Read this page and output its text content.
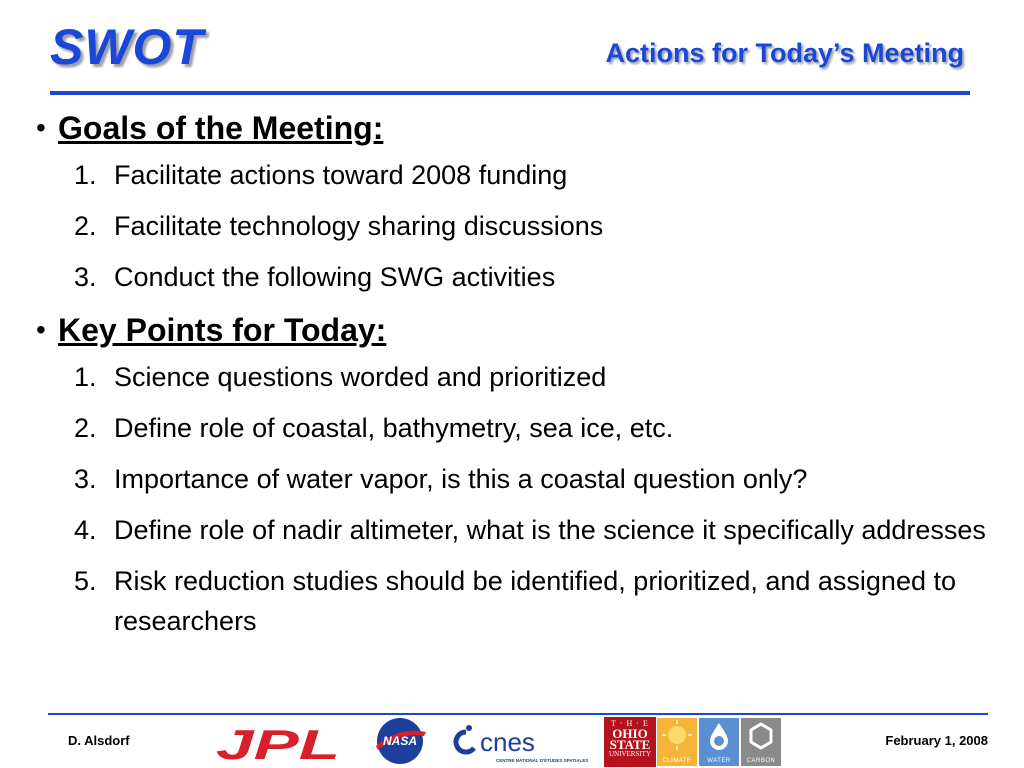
SWOT	Actions for Today’s Meeting
• Goals of the Meeting:
1. Facilitate actions toward 2008 funding
2. Facilitate technology sharing discussions
3. Conduct the following SWG activities
• Key Points for Today:
1. Science questions worded and prioritized
2. Define role of coastal, bathymetry, sea ice, etc.
3. Importance of water vapor, is this a coastal question only?
4. Define role of nadir altimeter, what is the science it specifically addresses
5. Risk reduction studies should be identified, prioritized, and assigned to researchers
D. Alsdorf JPL	NASA cnes
CENTRE NATIONAL D'ÉTUDES SPATIALES
T · H · E
OHIO STATE
UNIVERSITY
CLIMATE	WATER	CARBON
February 1, 2008
